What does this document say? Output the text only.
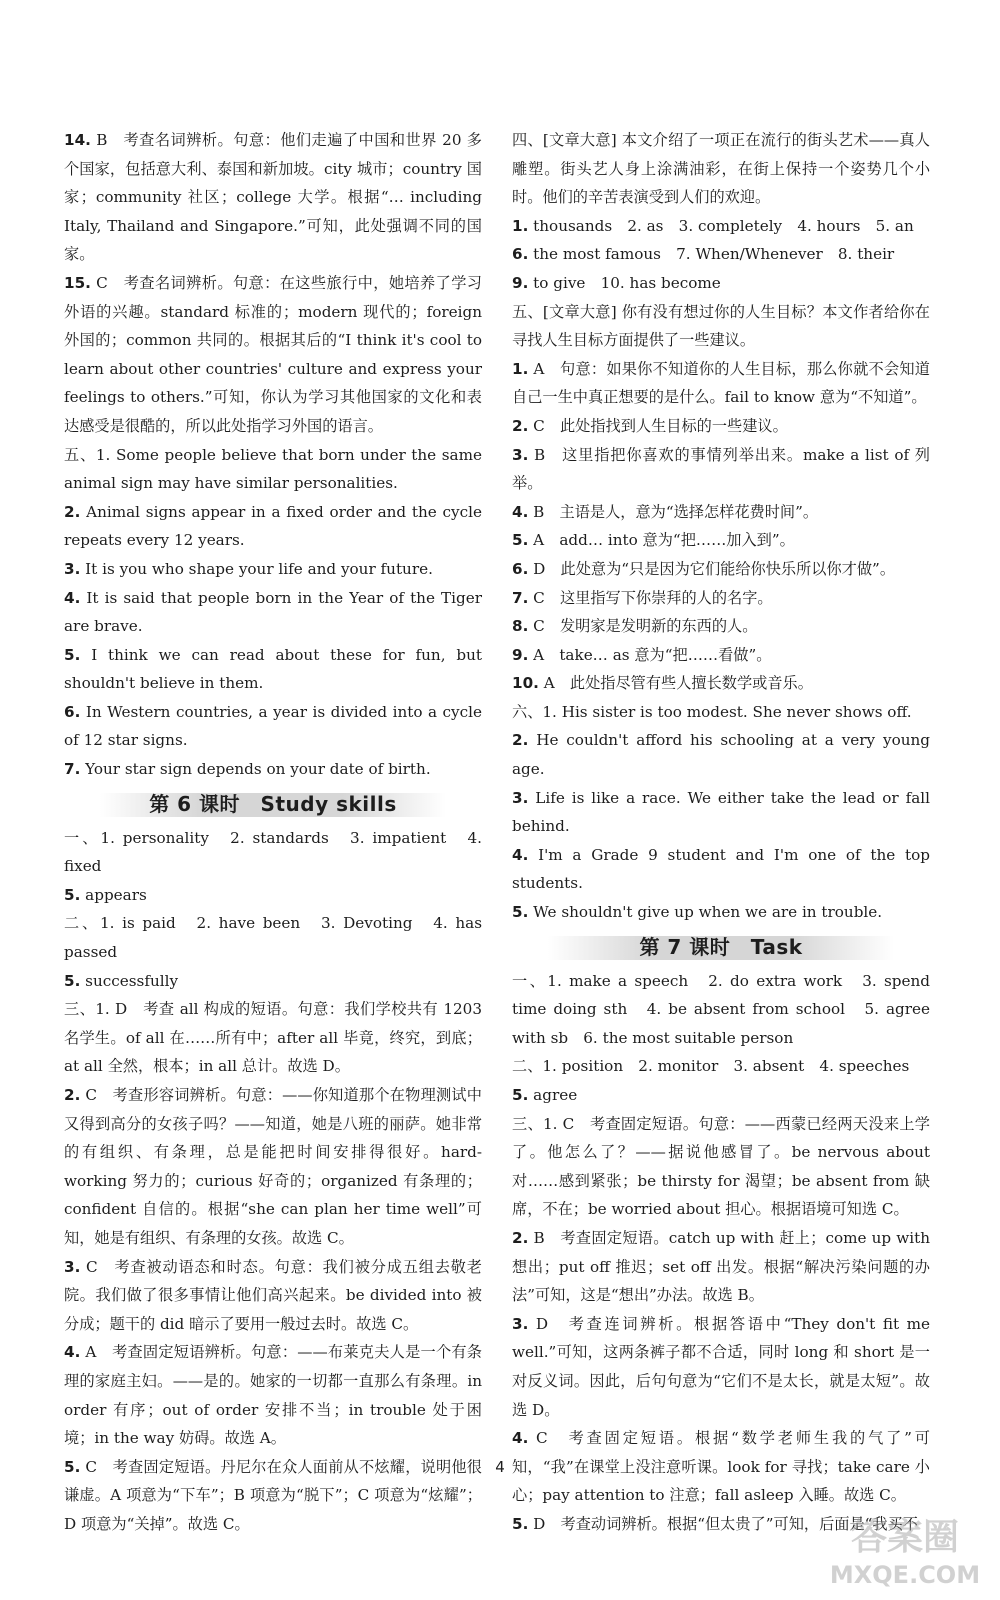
14. B　考查名词辨析。句意：他们走遍了中国和世界 20 多个国家，包括意大利、泰国和新加坡。city 城市；country 国家；community 社区；college 大学。根据“… including Italy, Thailand and Singapore.”可知，此处强调不同的国家。

15. C　考查名词辨析。句意：在这些旅行中，她培养了学习外语的兴趣。standard 标准的；modern 现代的；foreign 外国的；common 共同的。根据其后的“I think it's cool to learn about other countries' culture and express your feelings to others.”可知，你认为学习其他国家的文化和表达感受是很酷的，所以此处指学习外国的语言。

五、1. Some people believe that born under the same animal sign may have similar personalities.

2. Animal signs appear in a fixed order and the cycle repeats every 12 years.

3. It is you who shape your life and your future.

4. It is said that people born in the Year of the Tiger are brave.

5. I think we can read about these for fun, but shouldn't believe in them.

6. In Western countries, a year is divided into a cycle of 12 star signs.

7. Your star sign depends on your date of birth.

第 6 课时　Study skills

一、1. personality　2. standards　3. impatient　4. fixed

5. appears

二、1. is paid　2. have been　3. Devoting　4. has passed

5. successfully

三、1. D　考查 all 构成的短语。句意：我们学校共有 1203 名学生。of all 在……所有中；after all 毕竟，终究，到底；at all 全然，根本；in all 总计。故选 D。

2. C　考查形容词辨析。句意：——你知道那个在物理测试中又得到高分的女孩子吗？——知道，她是八班的丽萨。她非常的有组织、有条理，总是能把时间安排得很好。hard-working 努力的；curious 好奇的；organized 有条理的；confident 自信的。根据“she can plan her time well”可知，她是有组织、有条理的女孩。故选 C。

3. C　考查被动语态和时态。句意：我们被分成五组去敬老院。我们做了很多事情让他们高兴起来。be divided into 被分成；题干的 did 暗示了要用一般过去时。故选 C。

4. A　考查固定短语辨析。句意：——布莱克夫人是一个有条理的家庭主妇。——是的。她家的一切都一直那么有条理。in order 有序；out of order 安排不当；in trouble 处于困境；in the way 妨碍。故选 A。

5. C　考查固定短语。丹尼尔在众人面前从不炫耀，说明他很谦虚。A 项意为“下车”；B 项意为“脱下”；C 项意为“炫耀”；D 项意为“关掉”。故选 C。

四、[文章大意] 本文介绍了一项正在流行的街头艺术——真人雕塑。街头艺人身上涂满油彩，在街上保持一个姿势几个小时。他们的辛苦表演受到人们的欢迎。

1. thousands　2. as　3. completely　4. hours　5. an

6. the most famous　7. When/Whenever　8. their

9. to give　10. has become

五、[文章大意] 你有没有想过你的人生目标？本文作者给你在寻找人生目标方面提供了一些建议。

1. A　句意：如果你不知道你的人生目标，那么你就不会知道自己一生中真正想要的是什么。fail to know 意为“不知道”。

2. C　此处指找到人生目标的一些建议。

3. B　这里指把你喜欢的事情列举出来。make a list of 列举。

4. B　主语是人，意为“选择怎样花费时间”。

5. A　add… into 意为“把……加入到”。

6. D　此处意为“只是因为它们能给你快乐所以你才做”。

7. C　这里指写下你崇拜的人的名字。

8. C　发明家是发明新的东西的人。

9. A　take… as 意为“把……看做”。

10. A　此处指尽管有些人擅长数学或音乐。

六、1. His sister is too modest. She never shows off.

2. He couldn't afford his schooling at a very young age.

3. Life is like a race. We either take the lead or fall behind.

4. I'm a Grade 9 student and I'm one of the top students.

5. We shouldn't give up when we are in trouble.

第 7 课时　Task

一、1. make a speech　2. do extra work　3. spend time doing sth　4. be absent from school　5. agree with sb　6. the most suitable person

二、1. position　2. monitor　3. absent　4. speeches

5. agree

三、1. C　考查固定短语。句意：——西蒙已经两天没来上学了。他怎么了？——据说他感冒了。be nervous about 对……感到紧张；be thirsty for 渴望；be absent from 缺席，不在；be worried about 担心。根据语境可知选 C。

2. B　考查固定短语。catch up with 赶上；come up with 想出；put off 推迟；set off 出发。根据“解决污染问题的办法”可知，这是“想出”办法。故选 B。

3. D　考查连词辨析。根据答语中“They don't fit me well.”可知，这两条裤子都不合适，同时 long 和 short 是一对反义词。因此，后句句意为“它们不是太长，就是太短”。故选 D。

4. C　考查固定短语。根据“数学老师生我的气了”可知，“我”在课堂上没注意听课。look for 寻找；take care 小心；pay attention to 注意；fall asleep 入睡。故选 C。

5. D　考查动词辨析。根据“但太贵了”可知，后面是“我买不

4
答案圈
MXQE.COM
